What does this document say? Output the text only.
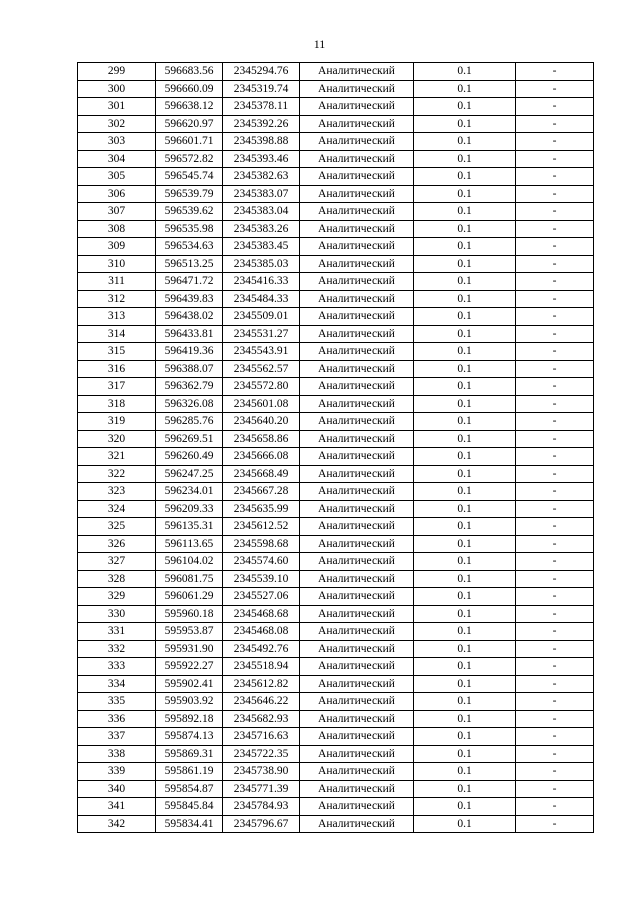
11
299	596683.56	2345294.76	Аналитический	0.1	-
300	596660.09	2345319.74	Аналитический	0.1	-
301	596638.12	2345378.11	Аналитический	0.1	-
302	596620.97	2345392.26	Аналитический	0.1	-
303	596601.71	2345398.88	Аналитический	0.1	-
304	596572.82	2345393.46	Аналитический	0.1	-
305	596545.74	2345382.63	Аналитический	0.1	-
306	596539.79	2345383.07	Аналитический	0.1	-
307	596539.62	2345383.04	Аналитический	0.1	-
308	596535.98	2345383.26	Аналитический	0.1	-
309	596534.63	2345383.45	Аналитический	0.1	-
310	596513.25	2345385.03	Аналитический	0.1	-
311	596471.72	2345416.33	Аналитический	0.1	-
312	596439.83	2345484.33	Аналитический	0.1	-
313	596438.02	2345509.01	Аналитический	0.1	-
314	596433.81	2345531.27	Аналитический	0.1	-
315	596419.36	2345543.91	Аналитический	0.1	-
316	596388.07	2345562.57	Аналитический	0.1	-
317	596362.79	2345572.80	Аналитический	0.1	-
318	596326.08	2345601.08	Аналитический	0.1	-
319	596285.76	2345640.20	Аналитический	0.1	-
320	596269.51	2345658.86	Аналитический	0.1	-
321	596260.49	2345666.08	Аналитический	0.1	-
322	596247.25	2345668.49	Аналитический	0.1	-
323	596234.01	2345667.28	Аналитический	0.1	-
324	596209.33	2345635.99	Аналитический	0.1	-
325	596135.31	2345612.52	Аналитический	0.1	-
326	596113.65	2345598.68	Аналитический	0.1	-
327	596104.02	2345574.60	Аналитический	0.1	-
328	596081.75	2345539.10	Аналитический	0.1	-
329	596061.29	2345527.06	Аналитический	0.1	-
330	595960.18	2345468.68	Аналитический	0.1	-
331	595953.87	2345468.08	Аналитический	0.1	-
332	595931.90	2345492.76	Аналитический	0.1	-
333	595922.27	2345518.94	Аналитический	0.1	-
334	595902.41	2345612.82	Аналитический	0.1	-
335	595903.92	2345646.22	Аналитический	0.1	-
336	595892.18	2345682.93	Аналитический	0.1	-
337	595874.13	2345716.63	Аналитический	0.1	-
338	595869.31	2345722.35	Аналитический	0.1	-
339	595861.19	2345738.90	Аналитический	0.1	-
340	595854.87	2345771.39	Аналитический	0.1	-
341	595845.84	2345784.93	Аналитический	0.1	-
342	595834.41	2345796.67	Аналитический	0.1	-
